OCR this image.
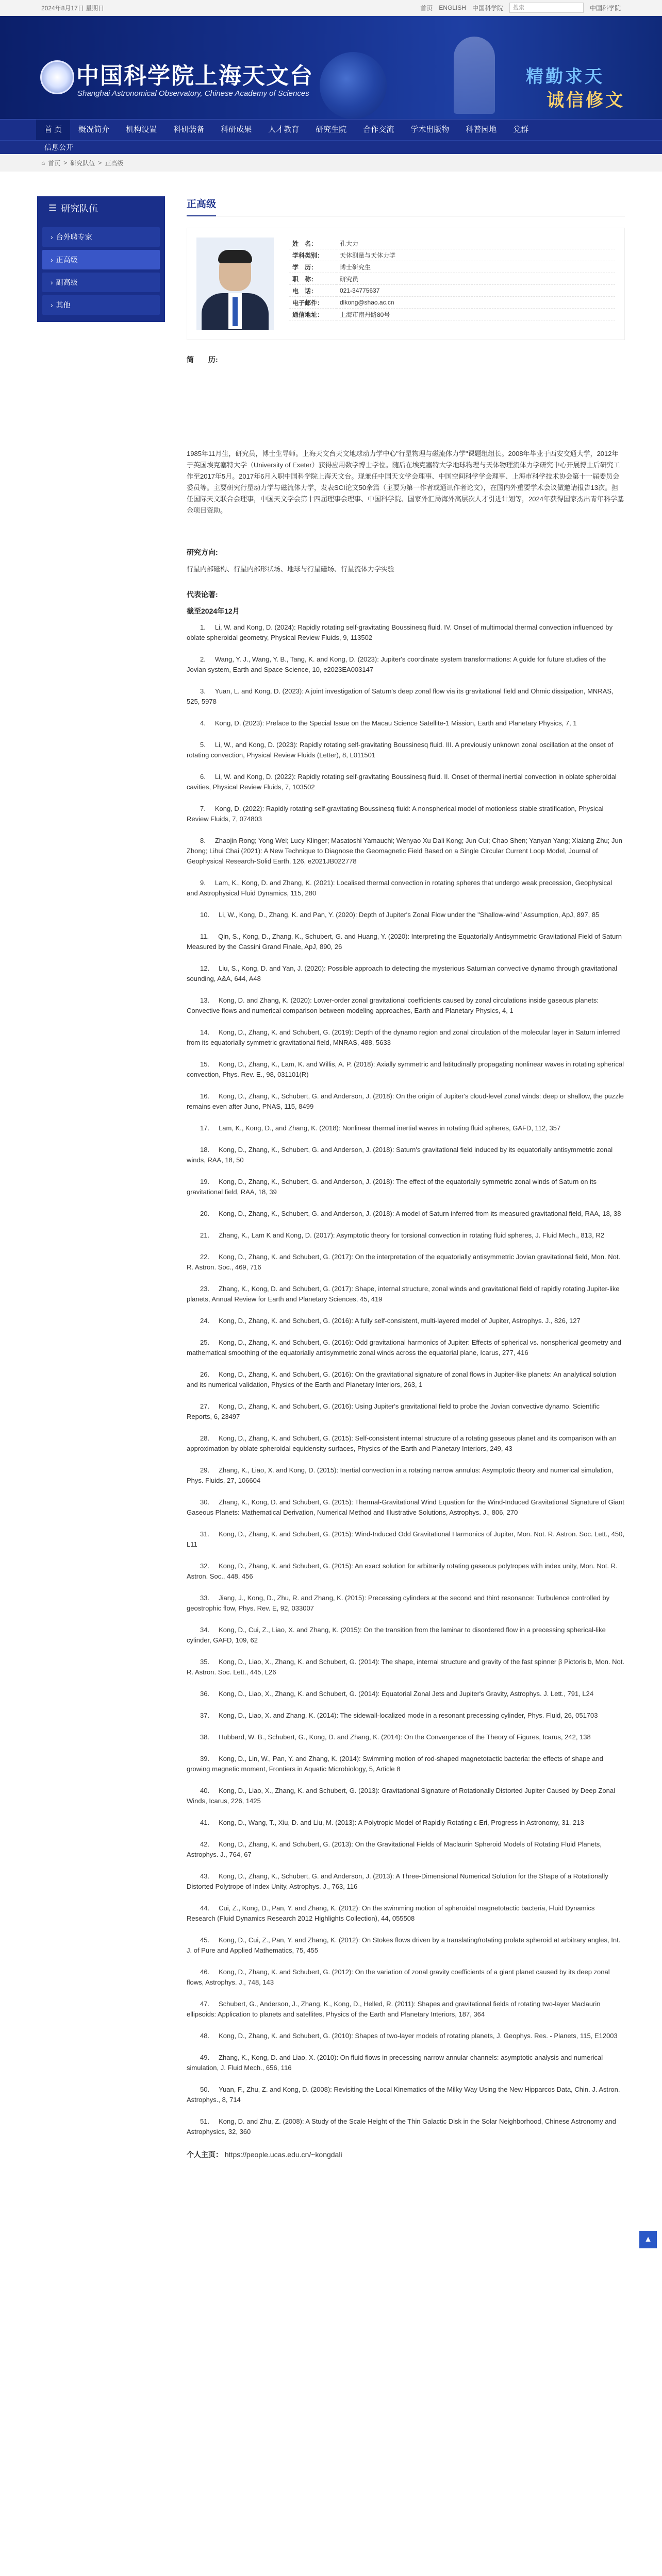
2024年8月17日 星期日	首页 ENGLISH 中国科学院	搜索	中国科学院
中国科学院上海天文台
Shanghai Astronomical Observatory, Chinese Academy of Sciences
精勤求天
诚信修文
首 页	概况简介	机构设置	科研装备	科研成果	人才教育	研究生院	合作交流	学术出版物	科普园地	党群
信息公开
⌂ 首页 > 研究队伍 > 正高级
☰ 研究队伍
› 台外聘专家
› 正高级
› 副高级
› 其他
正高级
姓　名：	孔大力
学科类别：	天体测量与天体力学
学　历：	博士研究生
职　称：	研究员
电　话：	021-34775637
电子邮件：	dlkong@shao.ac.cn
通信地址：	上海市南丹路80号
简　　历:
1985年11月生，研究员，博士生导师。上海天文台天文地球动力学中心"行星物理与磁流体力学"课题组组长。2008年毕业于西安交通大学，2012年于英国埃克塞特大学（University of Exeter）获得应用数学博士学位。随后在埃克塞特大学地球物理与天体物理流体力学研究中心开展博士后研究工作至2017年5月。2017年6月入职中国科学院上海天文台。现兼任中国天文学会理事、中国空间科学学会理事、上海市科学技术协会第十一届委员会委员等。主要研究行星动力学与磁流体力学，发表SCI论文50余篇（主要为第一作者或通讯作者论文），在国内外重要学术会议做邀请报告13次。担任国际天文联合会理事，中国天文学会第十四届理事会理事、中国科学院、国家外汇局海外高层次人才引进计划等，2024年获得国家杰出青年科学基金项目资助。
研究方向:
行星内部磁构、行星内部形状场、地球与行星磁场、行星流体力学实验
代表论著:
截至2024年12月
1. Li, W. and Kong, D. (2024): Rapidly rotating self-gravitating Boussinesq fluid. IV. Onset of multimodal thermal convection influenced by oblate spheroidal geometry, Physical Review Fluids, 9, 113502
2. Wang, Y. J., Wang, Y. B., Tang, K. and Kong, D. (2023): Jupiter's coordinate system transformations: A guide for future studies of the Jovian system, Earth and Space Science, 10, e2023EA003147
3. Yuan, L. and Kong, D. (2023): A joint investigation of Saturn's deep zonal flow via its gravitational field and Ohmic dissipation, MNRAS, 525, 5978
4. Kong, D. (2023): Preface to the Special Issue on the Macau Science Satellite-1 Mission, Earth and Planetary Physics, 7, 1
5. Li, W., and Kong, D. (2023): Rapidly rotating self-gravitating Boussinesq fluid. III. A previously unknown zonal oscillation at the onset of rotating convection, Physical Review Fluids (Letter), 8, L011501
6. Li, W. and Kong, D. (2022): Rapidly rotating self-gravitating Boussinesq fluid. II. Onset of thermal inertial convection in oblate spheroidal cavities, Physical Review Fluids, 7, 103502
7. Kong, D. (2022): Rapidly rotating self-gravitating Boussinesq fluid: A nonspherical model of motionless stable stratification, Physical Review Fluids, 7, 074803
8. Zhaojin Rong; Yong Wei; Lucy Klinger; Masatoshi Yamauchi; Wenyao Xu Dali Kong; Jun Cui; Chao Shen; Yanyan Yang; Xiaiang Zhu; Jun Zhong; Lihui Chai (2021): A New Technique to Diagnose the Geomagnetic Field Based on a Single Circular Current Loop Model, Journal of Geophysical Research-Solid Earth, 126, e2021JB022778
9. Lam, K., Kong, D. and Zhang, K. (2021): Localised thermal convection in rotating spheres that undergo weak precession, Geophysical and Astrophysical Fluid Dynamics, 115, 280
10. Li, W., Kong, D., Zhang, K. and Pan, Y. (2020): Depth of Jupiter's Zonal Flow under the "Shallow-wind" Assumption, ApJ, 897, 85
11. Qin, S., Kong, D., Zhang, K., Schubert, G. and Huang, Y. (2020): Interpreting the Equatorially Antisymmetric Gravitational Field of Saturn Measured by the Cassini Grand Finale, ApJ, 890, 26
12. Liu, S., Kong, D. and Yan, J. (2020): Possible approach to detecting the mysterious Saturnian convective dynamo through gravitational sounding, A&A, 644, A48
13. Kong, D. and Zhang, K. (2020): Lower-order zonal gravitational coefficients caused by zonal circulations inside gaseous planets: Convective flows and numerical comparison between modeling approaches, Earth and Planetary Physics, 4, 1
14. Kong, D., Zhang, K. and Schubert, G. (2019): Depth of the dynamo region and zonal circulation of the molecular layer in Saturn inferred from its equatorially symmetric gravitational field, MNRAS, 488, 5633
15. Kong, D., Zhang, K., Lam, K. and Willis, A. P. (2018): Axially symmetric and latitudinally propagating nonlinear waves in rotating spherical convection, Phys. Rev. E., 98, 031101(R)
16. Kong, D., Zhang, K., Schubert, G. and Anderson, J. (2018): On the origin of Jupiter's cloud-level zonal winds: deep or shallow, the puzzle remains even after Juno, PNAS, 115, 8499
17. Lam, K., Kong, D., and Zhang, K. (2018): Nonlinear thermal inertial waves in rotating fluid spheres, GAFD, 112, 357
18. Kong, D., Zhang, K., Schubert, G. and Anderson, J. (2018): Saturn's gravitational field induced by its equatorially antisymmetric zonal winds, RAA, 18, 50
19. Kong, D., Zhang, K., Schubert, G. and Anderson, J. (2018): The effect of the equatorially symmetric zonal winds of Saturn on its gravitational field, RAA, 18, 39
20. Kong, D., Zhang, K., Schubert, G. and Anderson, J. (2018): A model of Saturn inferred from its measured gravitational field, RAA, 18, 38
21. Zhang, K., Lam K and Kong, D. (2017): Asymptotic theory for torsional convection in rotating fluid spheres, J. Fluid Mech., 813, R2
22. Kong, D., Zhang, K. and Schubert, G. (2017): On the interpretation of the equatorially antisymmetric Jovian gravitational field, Mon. Not. R. Astron. Soc., 469, 716
23. Zhang, K., Kong, D. and Schubert, G. (2017): Shape, internal structure, zonal winds and gravitational field of rapidly rotating Jupiter-like planets, Annual Review for Earth and Planetary Sciences, 45, 419
24. Kong, D., Zhang, K. and Schubert, G. (2016): A fully self-consistent, multi-layered model of Jupiter, Astrophys. J., 826, 127
25. Kong, D., Zhang, K. and Schubert, G. (2016): Odd gravitational harmonics of Jupiter: Effects of spherical vs. nonspherical geometry and mathematical smoothing of the equatorially antisymmetric zonal winds across the equatorial plane, Icarus, 277, 416
26. Kong, D., Zhang, K. and Schubert, G. (2016): On the gravitational signature of zonal flows in Jupiter-like planets: An analytical solution and its numerical validation, Physics of the Earth and Planetary Interiors, 263, 1
27. Kong, D., Zhang, K. and Schubert, G. (2016): Using Jupiter's gravitational field to probe the Jovian convective dynamo. Scientific Reports, 6, 23497
28. Kong, D., Zhang, K. and Schubert, G. (2015): Self-consistent internal structure of a rotating gaseous planet and its comparison with an approximation by oblate spheroidal equidensity surfaces, Physics of the Earth and Planetary Interiors, 249, 43
29. Zhang, K., Liao, X. and Kong, D. (2015): Inertial convection in a rotating narrow annulus: Asymptotic theory and numerical simulation, Phys. Fluids, 27, 106604
30. Zhang, K., Kong, D. and Schubert, G. (2015): Thermal-Gravitational Wind Equation for the Wind-Induced Gravitational Signature of Giant Gaseous Planets: Mathematical Derivation, Numerical Method and Illustrative Solutions, Astrophys. J., 806, 270
31. Kong, D., Zhang, K. and Schubert, G. (2015): Wind-Induced Odd Gravitational Harmonics of Jupiter, Mon. Not. R. Astron. Soc. Lett., 450, L11
32. Kong, D., Zhang, K. and Schubert, G. (2015): An exact solution for arbitrarily rotating gaseous polytropes with index unity, Mon. Not. R. Astron. Soc., 448, 456
33. Jiang, J., Kong, D., Zhu, R. and Zhang, K. (2015): Precessing cylinders at the second and third resonance: Turbulence controlled by geostrophic flow, Phys. Rev. E, 92, 033007
34. Kong, D., Cui, Z., Liao, X. and Zhang, K. (2015): On the transition from the laminar to disordered flow in a precessing spherical-like cylinder, GAFD, 109, 62
35. Kong, D., Liao, X., Zhang, K. and Schubert, G. (2014): The shape, internal structure and gravity of the fast spinner β Pictoris b, Mon. Not. R. Astron. Soc. Lett., 445, L26
36. Kong, D., Liao, X., Zhang, K. and Schubert, G. (2014): Equatorial Zonal Jets and Jupiter's Gravity, Astrophys. J. Lett., 791, L24
37. Kong, D., Liao, X. and Zhang, K. (2014): The sidewall-localized mode in a resonant precessing cylinder, Phys. Fluid, 26, 051703
38. Hubbard, W. B., Schubert, G., Kong, D. and Zhang, K. (2014): On the Convergence of the Theory of Figures, Icarus, 242, 138
39. Kong, D., Lin, W., Pan, Y. and Zhang, K. (2014): Swimming motion of rod-shaped magnetotactic bacteria: the effects of shape and growing magnetic moment, Frontiers in Aquatic Microbiology, 5, Article 8
40. Kong, D., Liao, X., Zhang, K. and Schubert, G. (2013): Gravitational Signature of Rotationally Distorted Jupiter Caused by Deep Zonal Winds, Icarus, 226, 1425
41. Kong, D., Wang, T., Xiu, D. and Liu, M. (2013): A Polytropic Model of Rapidly Rotating ε-Eri, Progress in Astronomy, 31, 213
42. Kong, D., Zhang, K. and Schubert, G. (2013): On the Gravitational Fields of Maclaurin Spheroid Models of Rotating Fluid Planets, Astrophys. J., 764, 67
43. Kong, D., Zhang, K., Schubert, G. and Anderson, J. (2013): A Three-Dimensional Numerical Solution for the Shape of a Rotationally Distorted Polytrope of Index Unity, Astrophys. J., 763, 116
44. Cui, Z., Kong, D., Pan, Y. and Zhang, K. (2012): On the swimming motion of spheroidal magnetotactic bacteria, Fluid Dynamics Research (Fluid Dynamics Research 2012 Highlights Collection), 44, 055508
45. Kong, D., Cui, Z., Pan, Y. and Zhang, K. (2012): On Stokes flows driven by a translating/rotating prolate spheroid at arbitrary angles, Int. J. of Pure and Applied Mathematics, 75, 455
46. Kong, D., Zhang, K. and Schubert, G. (2012): On the variation of zonal gravity coefficients of a giant planet caused by its deep zonal flows, Astrophys. J., 748, 143
47. Schubert, G., Anderson, J., Zhang, K., Kong, D., Helled, R. (2011): Shapes and gravitational fields of rotating two-layer Maclaurin ellipsoids: Application to planets and satellites, Physics of the Earth and Planetary Interiors, 187, 364
48. Kong, D., Zhang, K. and Schubert, G. (2010): Shapes of two-layer models of rotating planets, J. Geophys. Res. - Planets, 115, E12003
49. Zhang, K., Kong, D. and Liao, X. (2010): On fluid flows in precessing narrow annular channels: asymptotic analysis and numerical simulation, J. Fluid Mech., 656, 116
50. Yuan, F., Zhu, Z. and Kong, D. (2008): Revisiting the Local Kinematics of the Milky Way Using the New Hipparcos Data, Chin. J. Astron. Astrophys., 8, 714
51. Kong, D. and Zhu, Z. (2008): A Study of the Scale Height of the Thin Galactic Disk in the Solar Neighborhood, Chinese Astronomy and Astrophysics, 32, 360
个人主页： https://people.ucas.edu.cn/~kongdali
▲
